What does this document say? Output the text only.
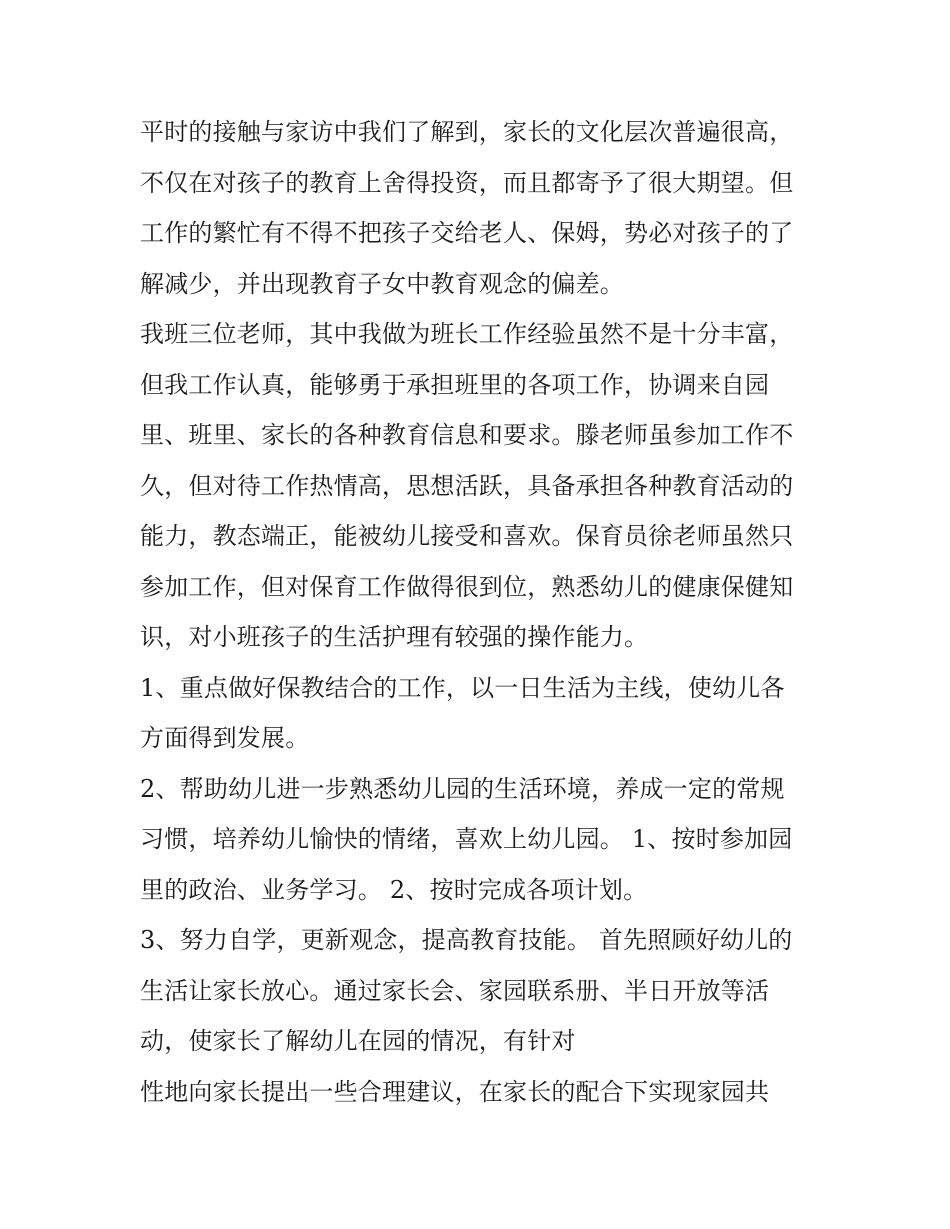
平时的接触与家访中我们了解到，家长的文化层次普遍很高，
不仅在对孩子的教育上舍得投资，而且都寄予了很大期望。但
工作的繁忙有不得不把孩子交给老人、保姆，势必对孩子的了
解减少，并出现教育子女中教育观念的偏差。
我班三位老师，其中我做为班长工作经验虽然不是十分丰富，
但我工作认真，能够勇于承担班里的各项工作，协调来自园
里、班里、家长的各种教育信息和要求。滕老师虽参加工作不
久，但对待工作热情高，思想活跃，具备承担各种教育活动的
能力，教态端正，能被幼儿接受和喜欢。保育员徐老师虽然只
参加工作，但对保育工作做得很到位，熟悉幼儿的健康保健知
识，对小班孩子的生活护理有较强的操作能力。
1、重点做好保教结合的工作，以一日生活为主线，使幼儿各
方面得到发展。
2、帮助幼儿进一步熟悉幼儿园的生活环境，养成一定的常规
习惯，培养幼儿愉快的情绪，喜欢上幼儿园。 1、按时参加园
里的政治、业务学习。 2、按时完成各项计划。
3、努力自学，更新观念，提高教育技能。 首先照顾好幼儿的
生活让家长放心。通过家长会、家园联系册、半日开放等活
动，使家长了解幼儿在园的情况，有针对
性地向家长提出一些合理建议，在家长的配合下实现家园共
